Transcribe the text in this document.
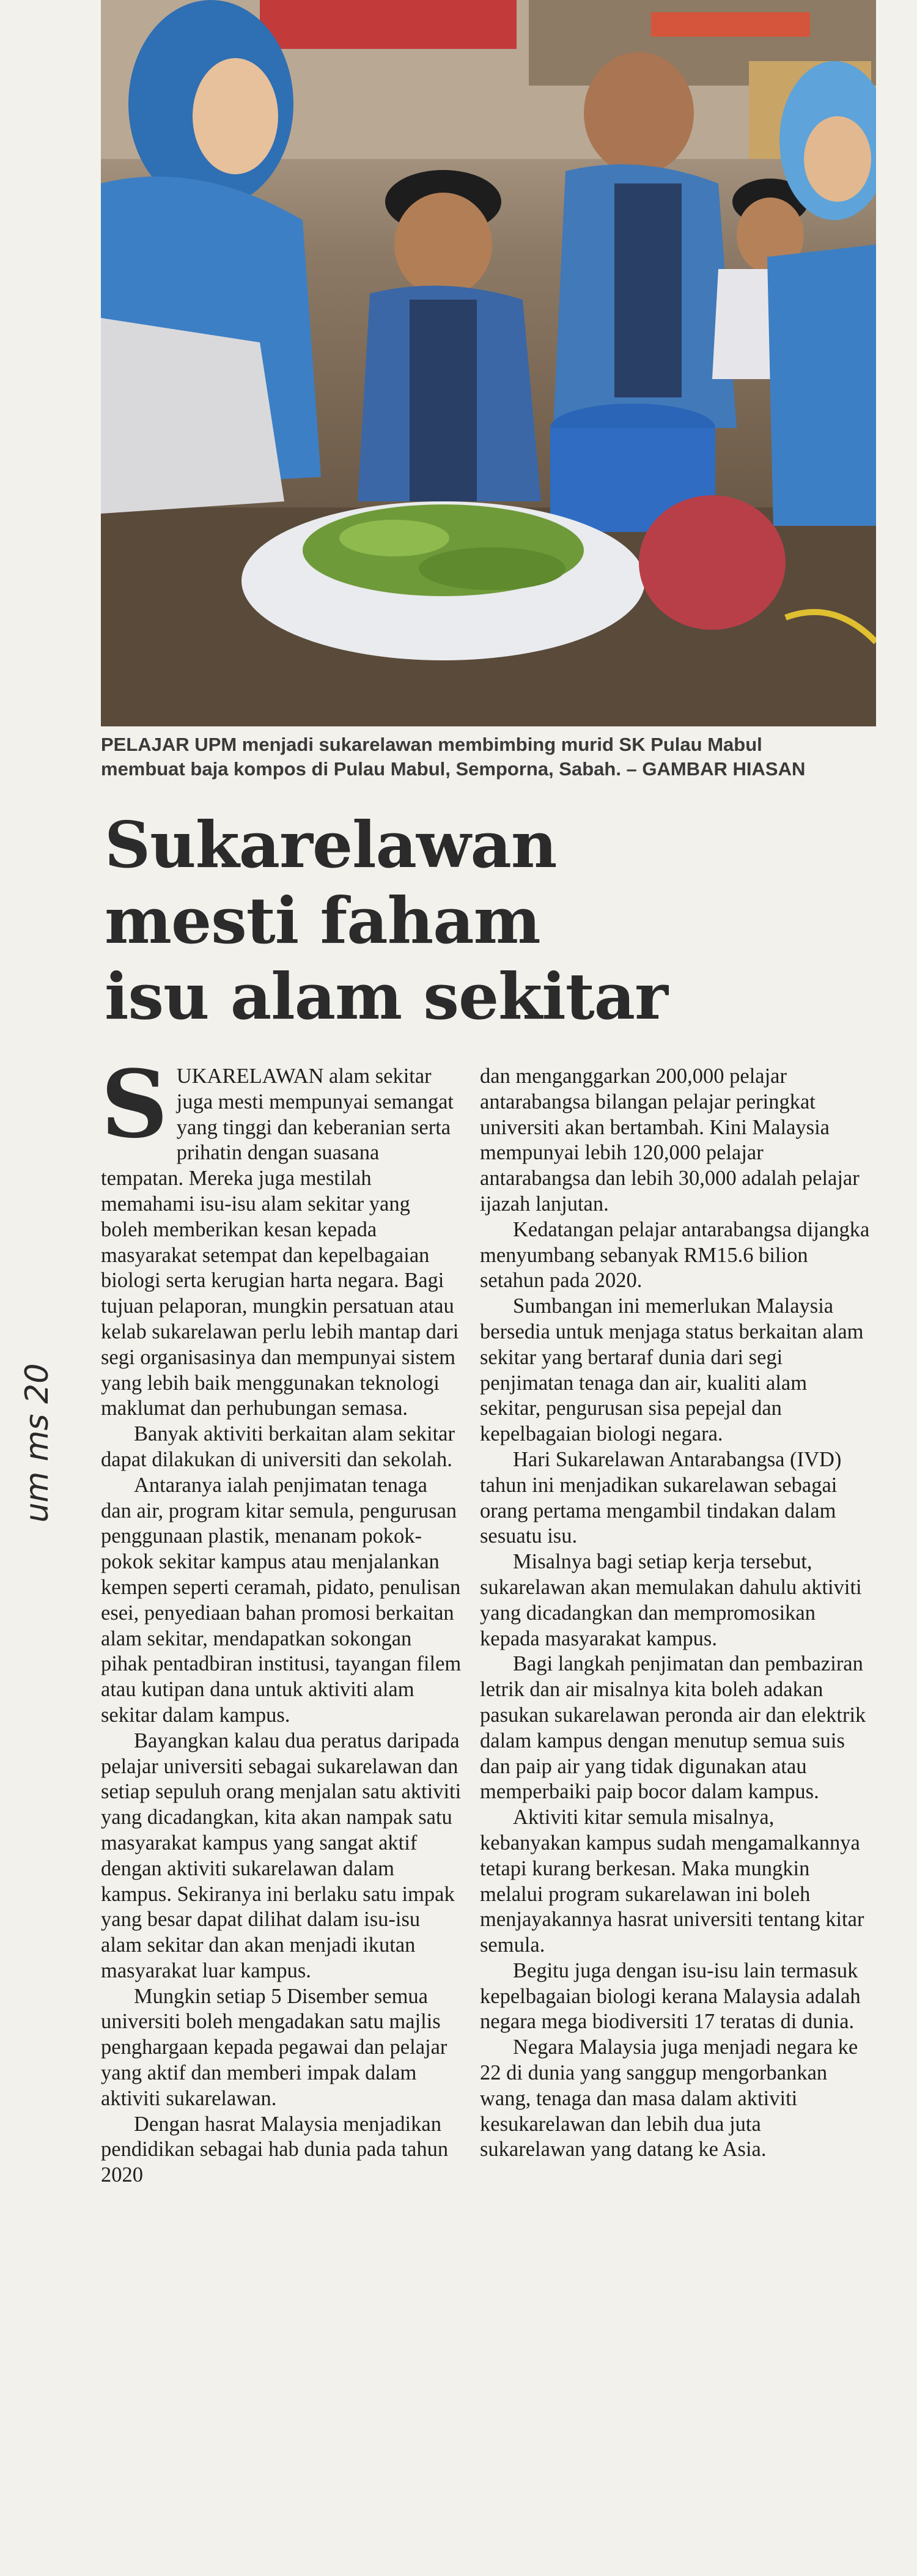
PELAJAR UPM menjadi sukarelawan membimbing murid SK Pulau Mabul
membuat baja kompos di Pulau Mabul, Semporna, Sabah. – GAMBAR HIASAN
Sukarelawan
mesti faham
isu alam sekitar

SUKARELAWAN alam sekitar juga mesti mempunyai semangat yang tinggi dan keberanian serta prihatin dengan suasana tempatan. Mereka juga mestilah memahami isu-isu alam sekitar yang boleh memberikan kesan kepada masyarakat setempat dan kepelbagaian biologi serta kerugian harta negara. Bagi tujuan pelaporan, mungkin persatuan atau kelab sukarelawan perlu lebih mantap dari segi organisasinya dan mempunyai sistem yang lebih baik menggunakan teknologi maklumat dan perhubungan semasa.

Banyak aktiviti berkaitan alam sekitar dapat dilakukan di universiti dan sekolah.

Antaranya ialah penjimatan tenaga dan air, program kitar semula, pengurusan penggunaan plastik, menanam pokok-pokok sekitar kampus atau menjalankan kempen seperti ceramah, pidato, penulisan esei, penyediaan bahan promosi berkaitan alam sekitar, mendapatkan sokongan pihak pentadbiran institusi, tayangan filem atau kutipan dana untuk aktiviti alam sekitar dalam kampus.

Bayangkan kalau dua peratus daripada pelajar universiti sebagai sukarelawan dan setiap sepuluh orang menjalan satu aktiviti yang dicadangkan, kita akan nampak satu masyarakat kampus yang sangat aktif dengan aktiviti sukarelawan dalam kampus. Sekiranya ini berlaku satu impak yang besar dapat dilihat dalam isu-isu alam sekitar dan akan menjadi ikutan masyarakat luar kampus.

Mungkin setiap 5 Disember semua universiti boleh mengadakan satu majlis penghargaan kepada pegawai dan pelajar yang aktif dan memberi impak dalam aktiviti sukarelawan.

Dengan hasrat Malaysia menjadikan pendidikan sebagai hab dunia pada tahun 2020

dan menganggarkan 200,000 pelajar antarabangsa bilangan pelajar peringkat universiti akan bertambah. Kini Malaysia mempunyai lebih 120,000 pelajar antarabangsa dan lebih 30,000 adalah pelajar ijazah lanjutan.

Kedatangan pelajar antarabangsa dijangka menyumbang sebanyak RM15.6 bilion setahun pada 2020.

Sumbangan ini memerlukan Malaysia bersedia untuk menjaga status berkaitan alam sekitar yang bertaraf dunia dari segi penjimatan tenaga dan air, kualiti alam sekitar, pengurusan sisa pepejal dan kepelbagaian biologi negara.

Hari Sukarelawan Antarabangsa (IVD) tahun ini menjadikan sukarelawan sebagai orang pertama mengambil tindakan dalam sesuatu isu.

Misalnya bagi setiap kerja tersebut, sukarelawan akan memulakan dahulu aktiviti yang dicadangkan dan mempromosikan kepada masyarakat kampus.

Bagi langkah penjimatan dan pembaziran letrik dan air misalnya kita boleh adakan pasukan sukarelawan peronda air dan elektrik dalam kampus dengan menutup semua suis dan paip air yang tidak digunakan atau memperbaiki paip bocor dalam kampus.

Aktiviti kitar semula misalnya, kebanyakan kampus sudah mengamalkannya tetapi kurang berkesan. Maka mungkin melalui program sukarelawan ini boleh menjayakannya hasrat universiti tentang kitar semula.

Begitu juga dengan isu-isu lain termasuk kepelbagaian biologi kerana Malaysia adalah negara mega biodiversiti 17 teratas di dunia.

Negara Malaysia juga menjadi negara ke 22 di dunia yang sanggup mengorbankan wang, tenaga dan masa dalam aktiviti kesukarelawan dan lebih dua juta sukarelawan yang datang ke Asia.

um ms 20
